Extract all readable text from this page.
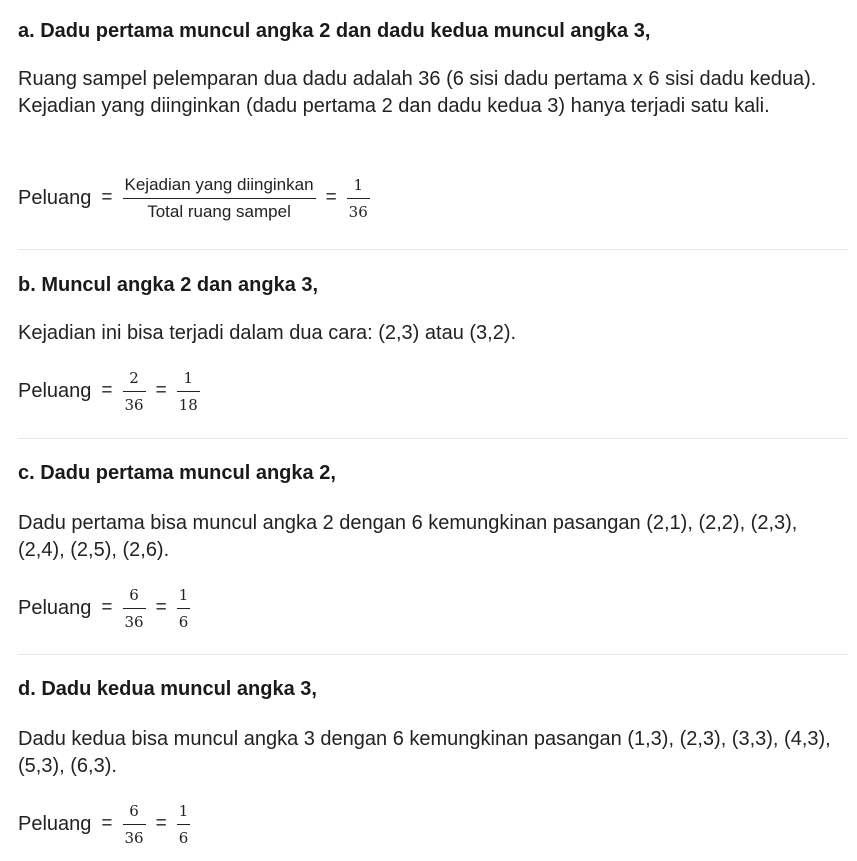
a. Dadu pertama muncul angka 2 dan dadu kedua muncul angka 3,
Ruang sampel pelemparan dua dadu adalah 36 (6 sisi dadu pertama x 6 sisi dadu kedua). Kejadian yang diinginkan (dadu pertama 2 dan dadu kedua 3) hanya terjadi satu kali.
Peluang = $\frac{\text{Kejadian yang diinginkan}}{\text{Total ruang sampel}} = \frac{1}{36}$
b. Muncul angka 2 dan angka 3,
Kejadian ini bisa terjadi dalam dua cara: (2,3) atau (3,2).
Peluang = $\frac{2}{36} = \frac{1}{18}$
c. Dadu pertama muncul angka 2,
Dadu pertama bisa muncul angka 2 dengan 6 kemungkinan pasangan (2,1), (2,2), (2,3), (2,4), (2,5), (2,6).
Peluang = $\frac{6}{36} = \frac{1}{6}$
d. Dadu kedua muncul angka 3,
Dadu kedua bisa muncul angka 3 dengan 6 kemungkinan pasangan (1,3), (2,3), (3,3), (4,3), (5,3), (6,3).
Peluang = $\frac{6}{36} = \frac{1}{6}$
